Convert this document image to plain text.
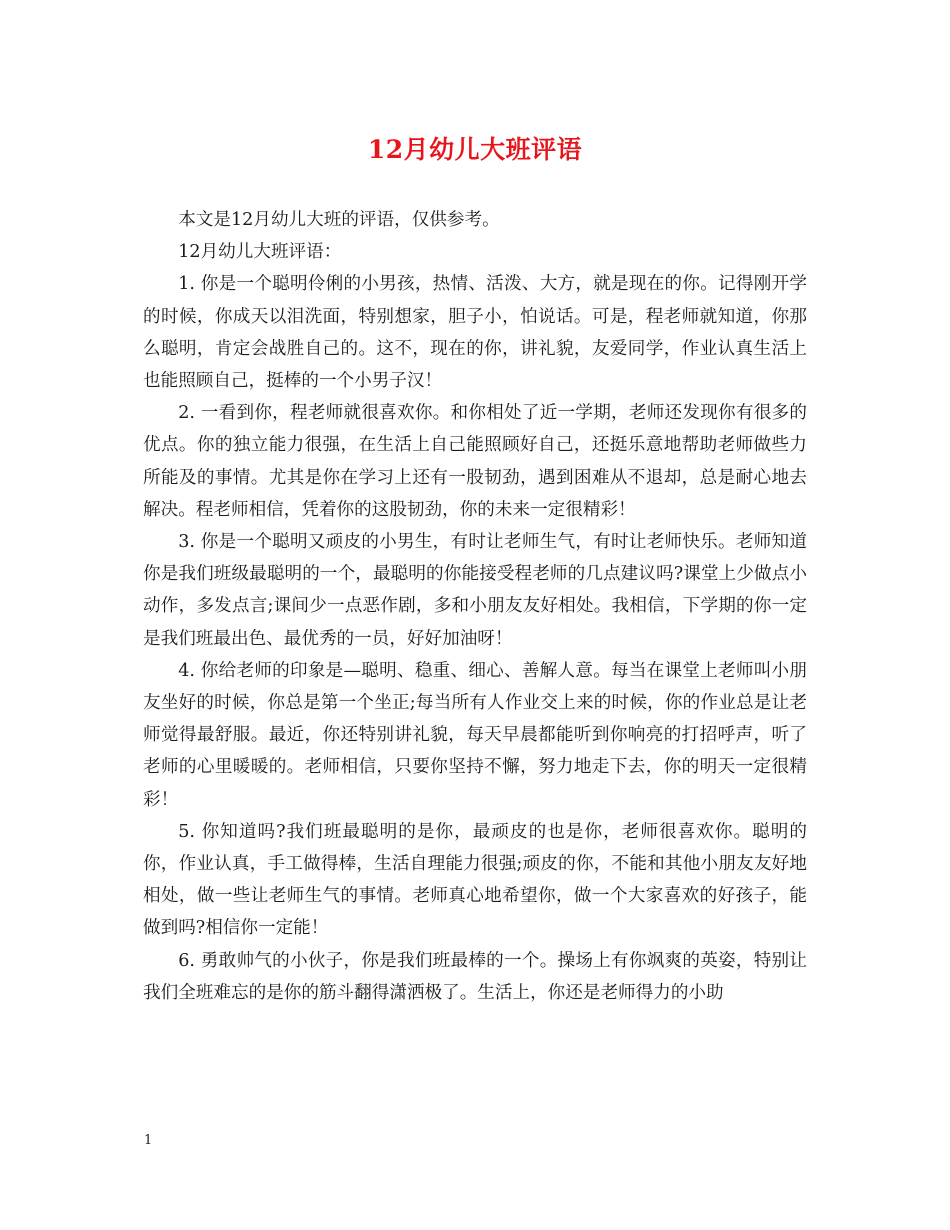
12月幼儿大班评语

本文是12月幼儿大班的评语，仅供参考。

12月幼儿大班评语：

1. 你是一个聪明伶俐的小男孩，热情、活泼、大方，就是现在的你。记得刚开学的时候，你成天以泪洗面，特别想家，胆子小，怕说话。可是，程老师就知道，你那么聪明，肯定会战胜自己的。这不，现在的你，讲礼貌，友爱同学，作业认真生活上也能照顾自己，挺棒的一个小男子汉！

2. 一看到你，程老师就很喜欢你。和你相处了近一学期，老师还发现你有很多的优点。你的独立能力很强，在生活上自己能照顾好自己，还挺乐意地帮助老师做些力所能及的事情。尤其是你在学习上还有一股韧劲，遇到困难从不退却，总是耐心地去解决。程老师相信，凭着你的这股韧劲，你的未来一定很精彩！

3. 你是一个聪明又顽皮的小男生，有时让老师生气，有时让老师快乐。老师知道你是我们班级最聪明的一个，最聪明的你能接受程老师的几点建议吗?课堂上少做点小动作，多发点言;课间少一点恶作剧，多和小朋友友好相处。我相信，下学期的你一定是我们班最出色、最优秀的一员，好好加油呀！

4. 你给老师的印象是—聪明、稳重、细心、善解人意。每当在课堂上老师叫小朋友坐好的时候，你总是第一个坐正;每当所有人作业交上来的时候，你的作业总是让老师觉得最舒服。最近，你还特别讲礼貌，每天早晨都能听到你响亮的打招呼声，听了老师的心里暖暖的。老师相信，只要你坚持不懈，努力地走下去，你的明天一定很精彩！

5. 你知道吗?我们班最聪明的是你，最顽皮的也是你，老师很喜欢你。聪明的你，作业认真，手工做得棒，生活自理能力很强;顽皮的你，不能和其他小朋友友好地相处，做一些让老师生气的事情。老师真心地希望你，做一个大家喜欢的好孩子，能做到吗?相信你一定能！

6. 勇敢帅气的小伙子，你是我们班最棒的一个。操场上有你飒爽的英姿，特别让我们全班难忘的是你的筋斗翻得潇洒极了。生活上，你还是老师得力的小助

1
